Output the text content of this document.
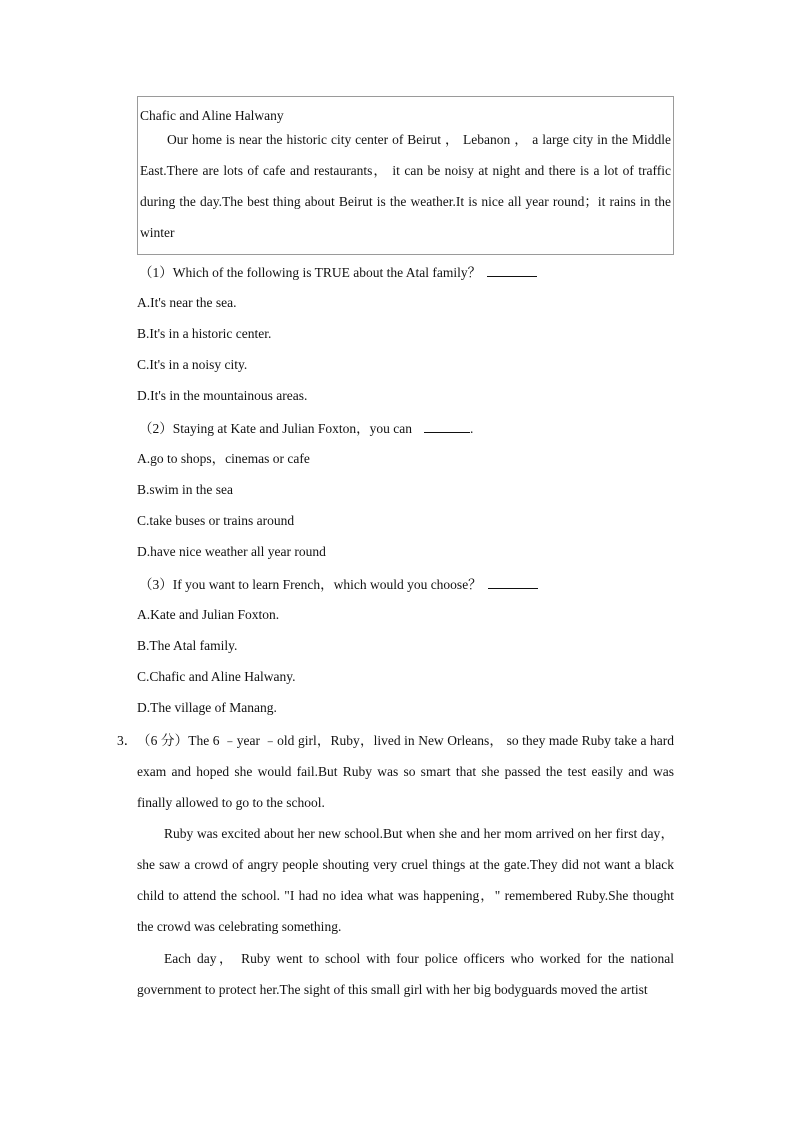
Chafic and Aline Halwany

Our home is near the historic city center of Beirut ， Lebanon ， a large city in the Middle East.There are lots of cafe and restaurants， it can be noisy at night and there is a lot of traffic during the day.The best thing about Beirut is the weather.It is nice all year round；it rains in the winter

（1）Which of the following is TRUE about the Atal family？
A.It's near the sea.
B.It's in a historic center.
C.It's in a noisy city.
D.It's in the mountainous areas.
（2）Staying at Kate and Julian Foxton，you can	.
A.go to shops，cinemas or cafe
B.swim in the sea
C.take buses or trains around
D.have nice weather all year round
（3）If you want to learn French，which would you choose？
A.Kate and Julian Foxton.
B.The Atal family.
C.Chafic and Aline Halwany.
D.The village of Manang.
3． （6 分）The 6 ﹣year ﹣old girl，Ruby，lived in New Orleans， so they made Ruby take a hard exam and hoped she would fail.But Ruby was so smart that she passed the test easily and was finally allowed to go to the school.

Ruby was excited about her new school.But when she and her mom arrived on her first day， she saw a crowd of angry people shouting very cruel things at the gate.They did not want a black child to attend the school. "I had no idea what was happening，" remembered Ruby.She thought the crowd was celebrating something.

Each day， Ruby went to school with four police officers who worked for the national government to protect her.The sight of this small girl with her big bodyguards moved the artist
